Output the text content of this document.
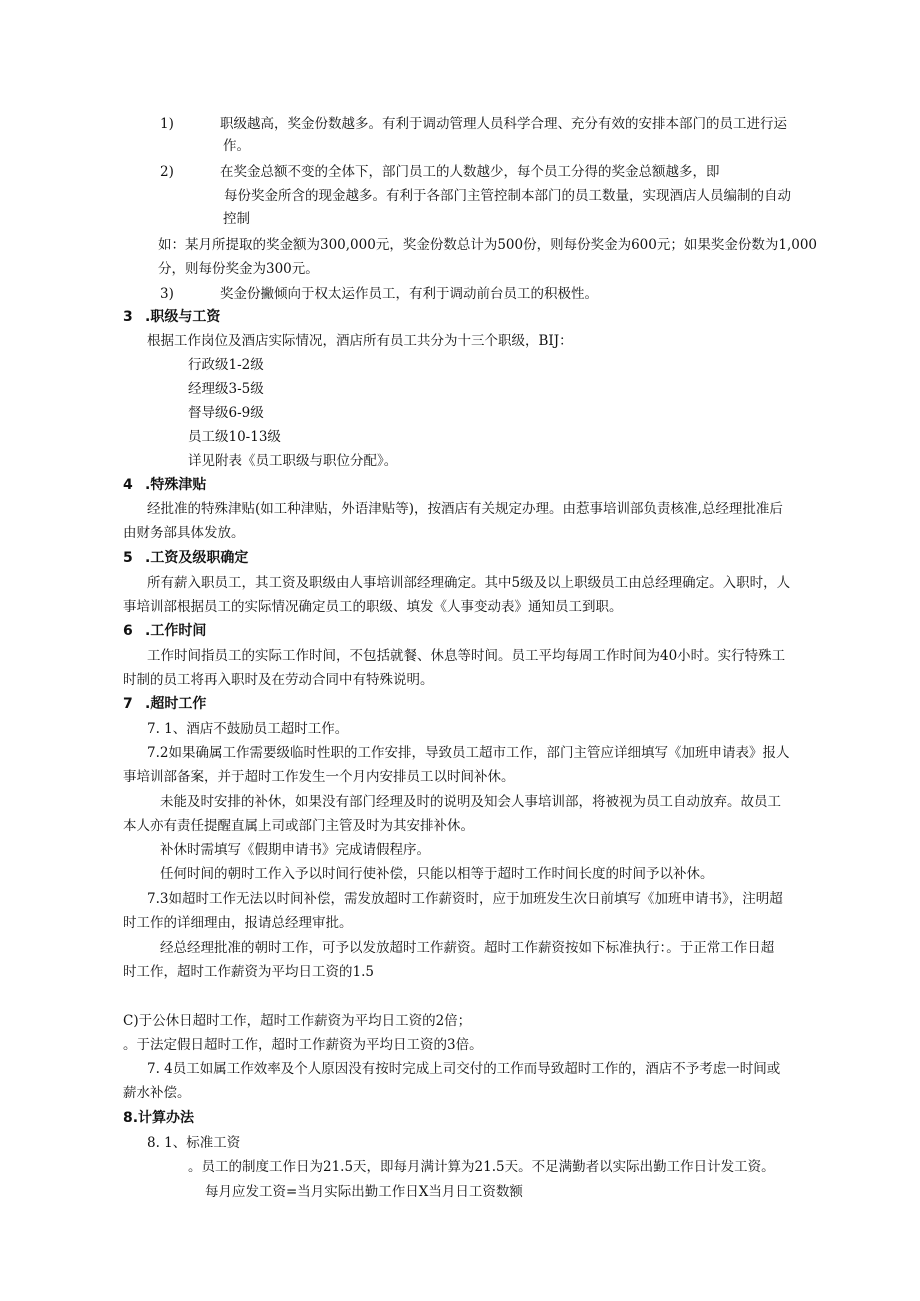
1)	职级越高，奖金份数越多。有利于调动管理人员科学合理、充分有效的安排本部门的员工进行运
作。
2)	在奖金总额不变的全体下，部门员工的人数越少，每个员工分得的奖金总额越多，即
每份奖金所含的现金越多。有利于各部门主管控制本部门的员工数量，实现酒店人员编制的自动
控制
如：某月所提取的奖金额为300,000元，奖金份数总计为500份，则每份奖金为600元；如果奖金份数为1,000
分，则每份奖金为300元。
3)	奖金份撇倾向于权太运作员工，有利于调动前台员工的积极性。
3 .职级与工资
根据工作岗位及酒店实际情况，酒店所有员工共分为十三个职级，BIJ：
行政级1-2级
经理级3-5级
督导级6-9级
员工级10-13级
详见附表《员工职级与职位分配》。
4 .特殊津贴
经批准的特殊津贴(如工种津贴，外语津贴等)，按酒店有关规定办理。由惹事培训部负责核准,总经理批准后
由财务部具体发放。
5 .工资及级职确定
所有薪入职员工，其工资及职级由人事培训部经理确定。其中5级及以上职级员工由总经理确定。入职时，人
事培训部根据员工的实际情况确定员工的职级、填发《人事变动表》通知员工到职。
6 .工作时间
工作时间指员工的实际工作时间，不包括就餐、休息等时间。员工平均每周工作时间为40小时。实行特殊工
时制的员工将再入职时及在劳动合同中有特殊说明。
7 .超时工作
7. 1、酒店不鼓励员工超时工作。
7.2如果确属工作需要级临时性职的工作安排，导致员工超市工作，部门主管应详细填写《加班申请表》报人
事培训部备案，并于超时工作发生一个月内安排员工以时间补休。
未能及时安排的补休，如果没有部门经理及时的说明及知会人事培训部，将被视为员工自动放弃。故员工
本人亦有责任提醒直属上司或部门主管及时为其安排补休。
补休时需填写《假期申请书》完成请假程序。
任何时间的朝时工作入予以时间行使补偿，只能以相等于超时工作时间长度的时间予以补休。
7.3如超时工作无法以时间补偿，需发放超时工作薪资时，应于加班发生次日前填写《加班申请书》，注明超
时工作的详细理由，报请总经理审批。
经总经理批准的朝时工作，可予以发放超时工作薪资。超时工作薪资按如下标准执行：。于正常工作日超
时工作，超时工作薪资为平均日工资的1.5
C)于公休日超时工作，超时工作薪资为平均日工资的2倍；
。于法定假日超时工作，超时工作薪资为平均日工资的3倍。
7. 4员工如属工作效率及个人原因没有按时完成上司交付的工作而导致超时工作的，酒店不予考虑一时间或
薪水补偿。
8.计算办法
8. 1、标准工资
。员工的制度工作日为21.5天，即每月满计算为21.5天。不足满勤者以实际出勤工作日计发工资。
每月应发工资=当月实际出勤工作日X当月日工资数额
